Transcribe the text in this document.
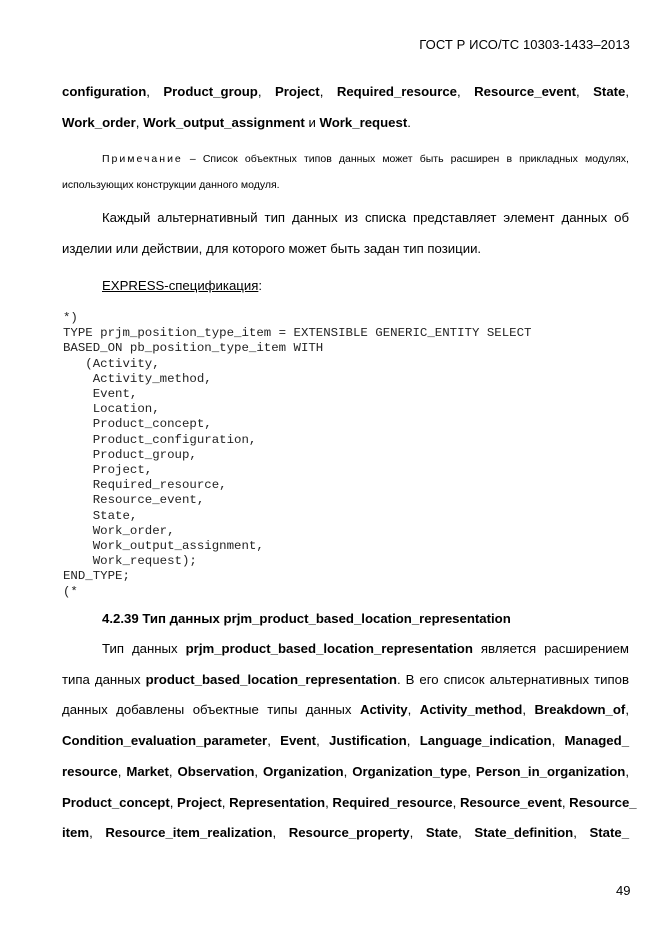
ГОСТ Р ИСО/ТС 10303-1433–2013
configuration, Product_group, Project, Required_resource, Resource_event, State,
Work_order, Work_output_assignment и Work_request.
Примечание – Список объектных типов данных может быть расширен в прикладных модулях,
использующих конструкции данного модуля.
Каждый альтернативный тип данных из списка представляет элемент данных об
изделии или действии, для которого может быть задан тип позиции.
EXPRESS-спецификация:
*)
TYPE prjm_position_type_item = EXTENSIBLE GENERIC_ENTITY SELECT
BASED_ON pb_position_type_item WITH
(Activity,
Activity_method,
Event,
Location,
Product_concept,
Product_configuration,
Product_group,
Project,
Required_resource,
Resource_event,
State,
Work_order,
Work_output_assignment,
Work_request);
END_TYPE;
(*
4.2.39 Тип данных prjm_product_based_location_representation
Тип данных prjm_product_based_location_representation является расширением
типа данных product_based_location_representation. В его список альтернативных типов
данных добавлены объектные типы данных Activity, Activity_method, Breakdown_of,
Condition_evaluation_parameter, Event, Justification, Language_indication, Managed_
resource, Market, Observation, Organization, Organization_type, Person_in_organization,
Product_concept, Project, Representation, Required_resource, Resource_event, Resource_
item, Resource_item_realization, Resource_property, State, State_definition, State_
49
